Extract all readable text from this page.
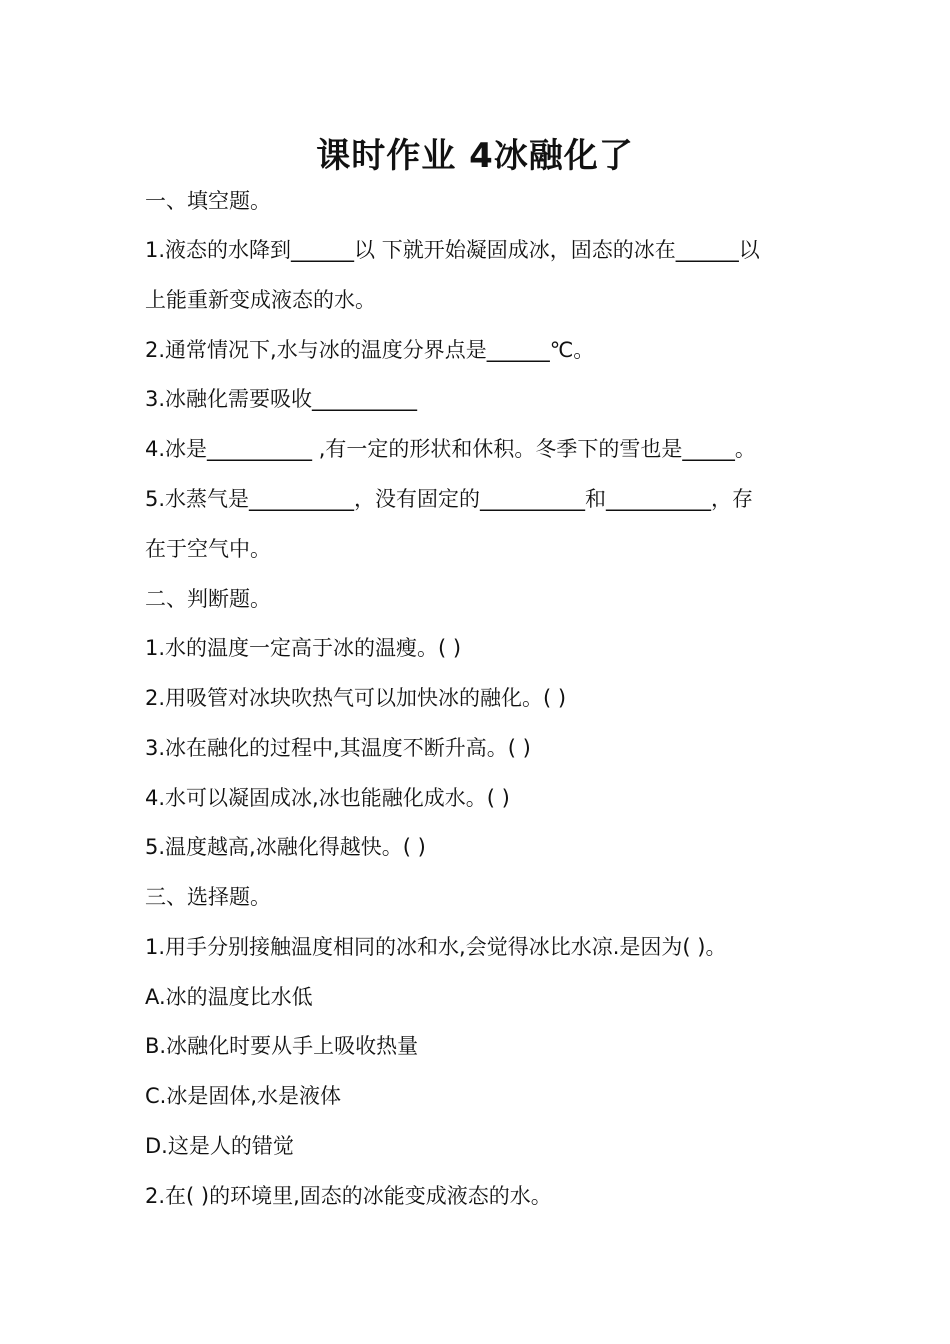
课时作业 4冰融化了
一、填空题。
1.液态的水降到______以 下就开始凝固成冰，固态的冰在______以
上能重新变成液态的水。
2.通常情况下,水与冰的温度分界点是______℃。
3.冰融化需要吸收__________
4.冰是__________ ,有一定的形状和休积。冬季下的雪也是_____。
5.水蒸气是__________，没有固定的__________和__________，存
在于空气中。
二、判断题。
1.水的温度一定高于冰的温瘦。( )
2.用吸管对冰块吹热气可以加快冰的融化。( )
3.冰在融化的过程中,其温度不断升高。( )
4.水可以凝固成冰,冰也能融化成水。( )
5.温度越高,冰融化得越快。( )
三、选择题。
1.用手分别接触温度相同的冰和水,会觉得冰比水凉.是因为( )。
A.冰的温度比水低
B.冰融化时要从手上吸收热量
C.冰是固体,水是液体
D.这是人的错觉
2.在( )的环境里,固态的冰能变成液态的水。
